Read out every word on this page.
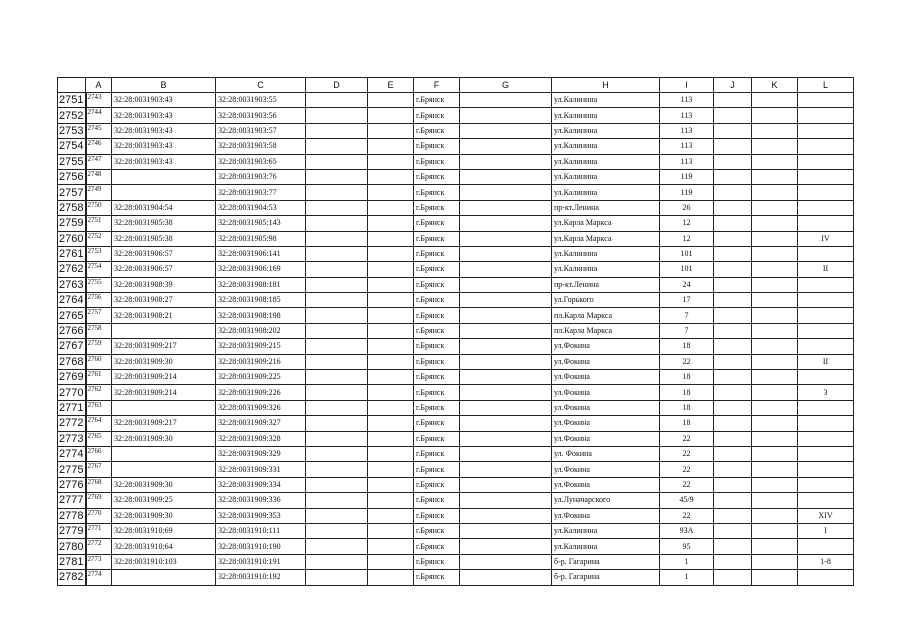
	A	B	C	D	E	F	G	H	I	J	K	L
2751	2743	32:28:0031903:43	32:28:0031903:55			г.Брянск		ул.Калинина	113			
2752	2744	32:28:0031903:43	32:28:0031903:56			г.Брянск		ул.Калинина	113			
2753	2745	32:28:0031903:43	32:28:0031903:57			г.Брянск		ул.Калинина	113			
2754	2746	32:28:0031903:43	32:28:0031903:58			г.Брянск		ул.Калинина	113			
2755	2747	32:28:0031903:43	32:28:0031903:65			г.Брянск		ул.Калинина	113			
2756	2748		32:28:0031903:76			г.Брянск		ул.Калинина	119			
2757	2749		32:28:0031903:77			г.Брянск		ул.Калинина	119			
2758	2750	32:28:0031904:54	32:28:0031904:53			г.Брянск		пр-кт.Ленина	26			
2759	2751	32:28:0031905:38	32:28:0031905:143			г.Брянск		ул.Карла Маркса	12			
2760	2752	32:28:0031905:38	32:28:0031905:98			г.Брянск		ул.Карла Маркса	12			IV
2761	2753	32:28:0031906:57	32:28:0031906:141			г.Брянск		ул.Калинина	101			
2762	2754	32:28:0031906:57	32:28:0031906:169			г.Брянск		ул.Калинина	101			II
2763	2755	32:28:0031908:39	32:28:0031908:181			г.Брянск		пр-кт.Ленина	24			
2764	2756	32:28:0031908:27	32:28:0031908:185			г.Брянск		ул.Горького	17			
2765	2757	32:28:0031908:21	32:28:0031908:198			г.Брянск		пл.Карла Маркса	7			
2766	2758		32:28:0031908:202			г.Брянск		пл.Карла Маркса	7			
2767	2759	32:28:0031909:217	32:28:0031909:215			г.Брянск		ул.Фокина	18			
2768	2760	32:28:0031909:30	32:28:0031909:216			г.Брянск		ул.Фокина	22			II
2769	2761	32:28:0031909:214	32:28:0031909:225			г.Брянск		ул.Фокина	18			
2770	2762	32:28:0031909:214	32:28:0031909:226			г.Брянск		ул.Фокина	18			3
2771	2763		32:28:0031909:326			г.Брянск		ул.Фокина	18			
2772	2764	32:28:0031909:217	32:28:0031909:327			г.Брянск		ул.Фокина	18			
2773	2765	32:28:0031909:30	32:28:0031909:328			г.Брянск		ул.Фокина	22			
2774	2766		32:28:0031909:329			г.Брянск		ул. Фокина	22			
2775	2767		32:28:0031909:331			г.Брянск		ул.Фокина	22			
2776	2768	32:28:0031909:30	32:28:0031909:334			г.Брянск		ул.Фокина	22			
2777	2769	32:28:0031909:25	32:28:0031909:336			г.Брянск		ул.Луначарского	45/9			
2778	2770	32:28:0031909:30	32:28:0031909:353			г.Брянск		ул.Фокина	22			XIV
2779	2771	32:28:0031910:69	32:28:0031910:111			г.Брянск		ул.Калинина	93А			I
2780	2772	32:28:0031910:64	32:28:0031910:190			г.Брянск		ул.Калинина	95			
2781	2773	32:28:0031910:103	32:28:0031910:191			г.Брянск		б-р. Гагарина	1			1-8
2782	2774		32:28:0031910:192			г.Брянск		б-р. Гагарина	1			
